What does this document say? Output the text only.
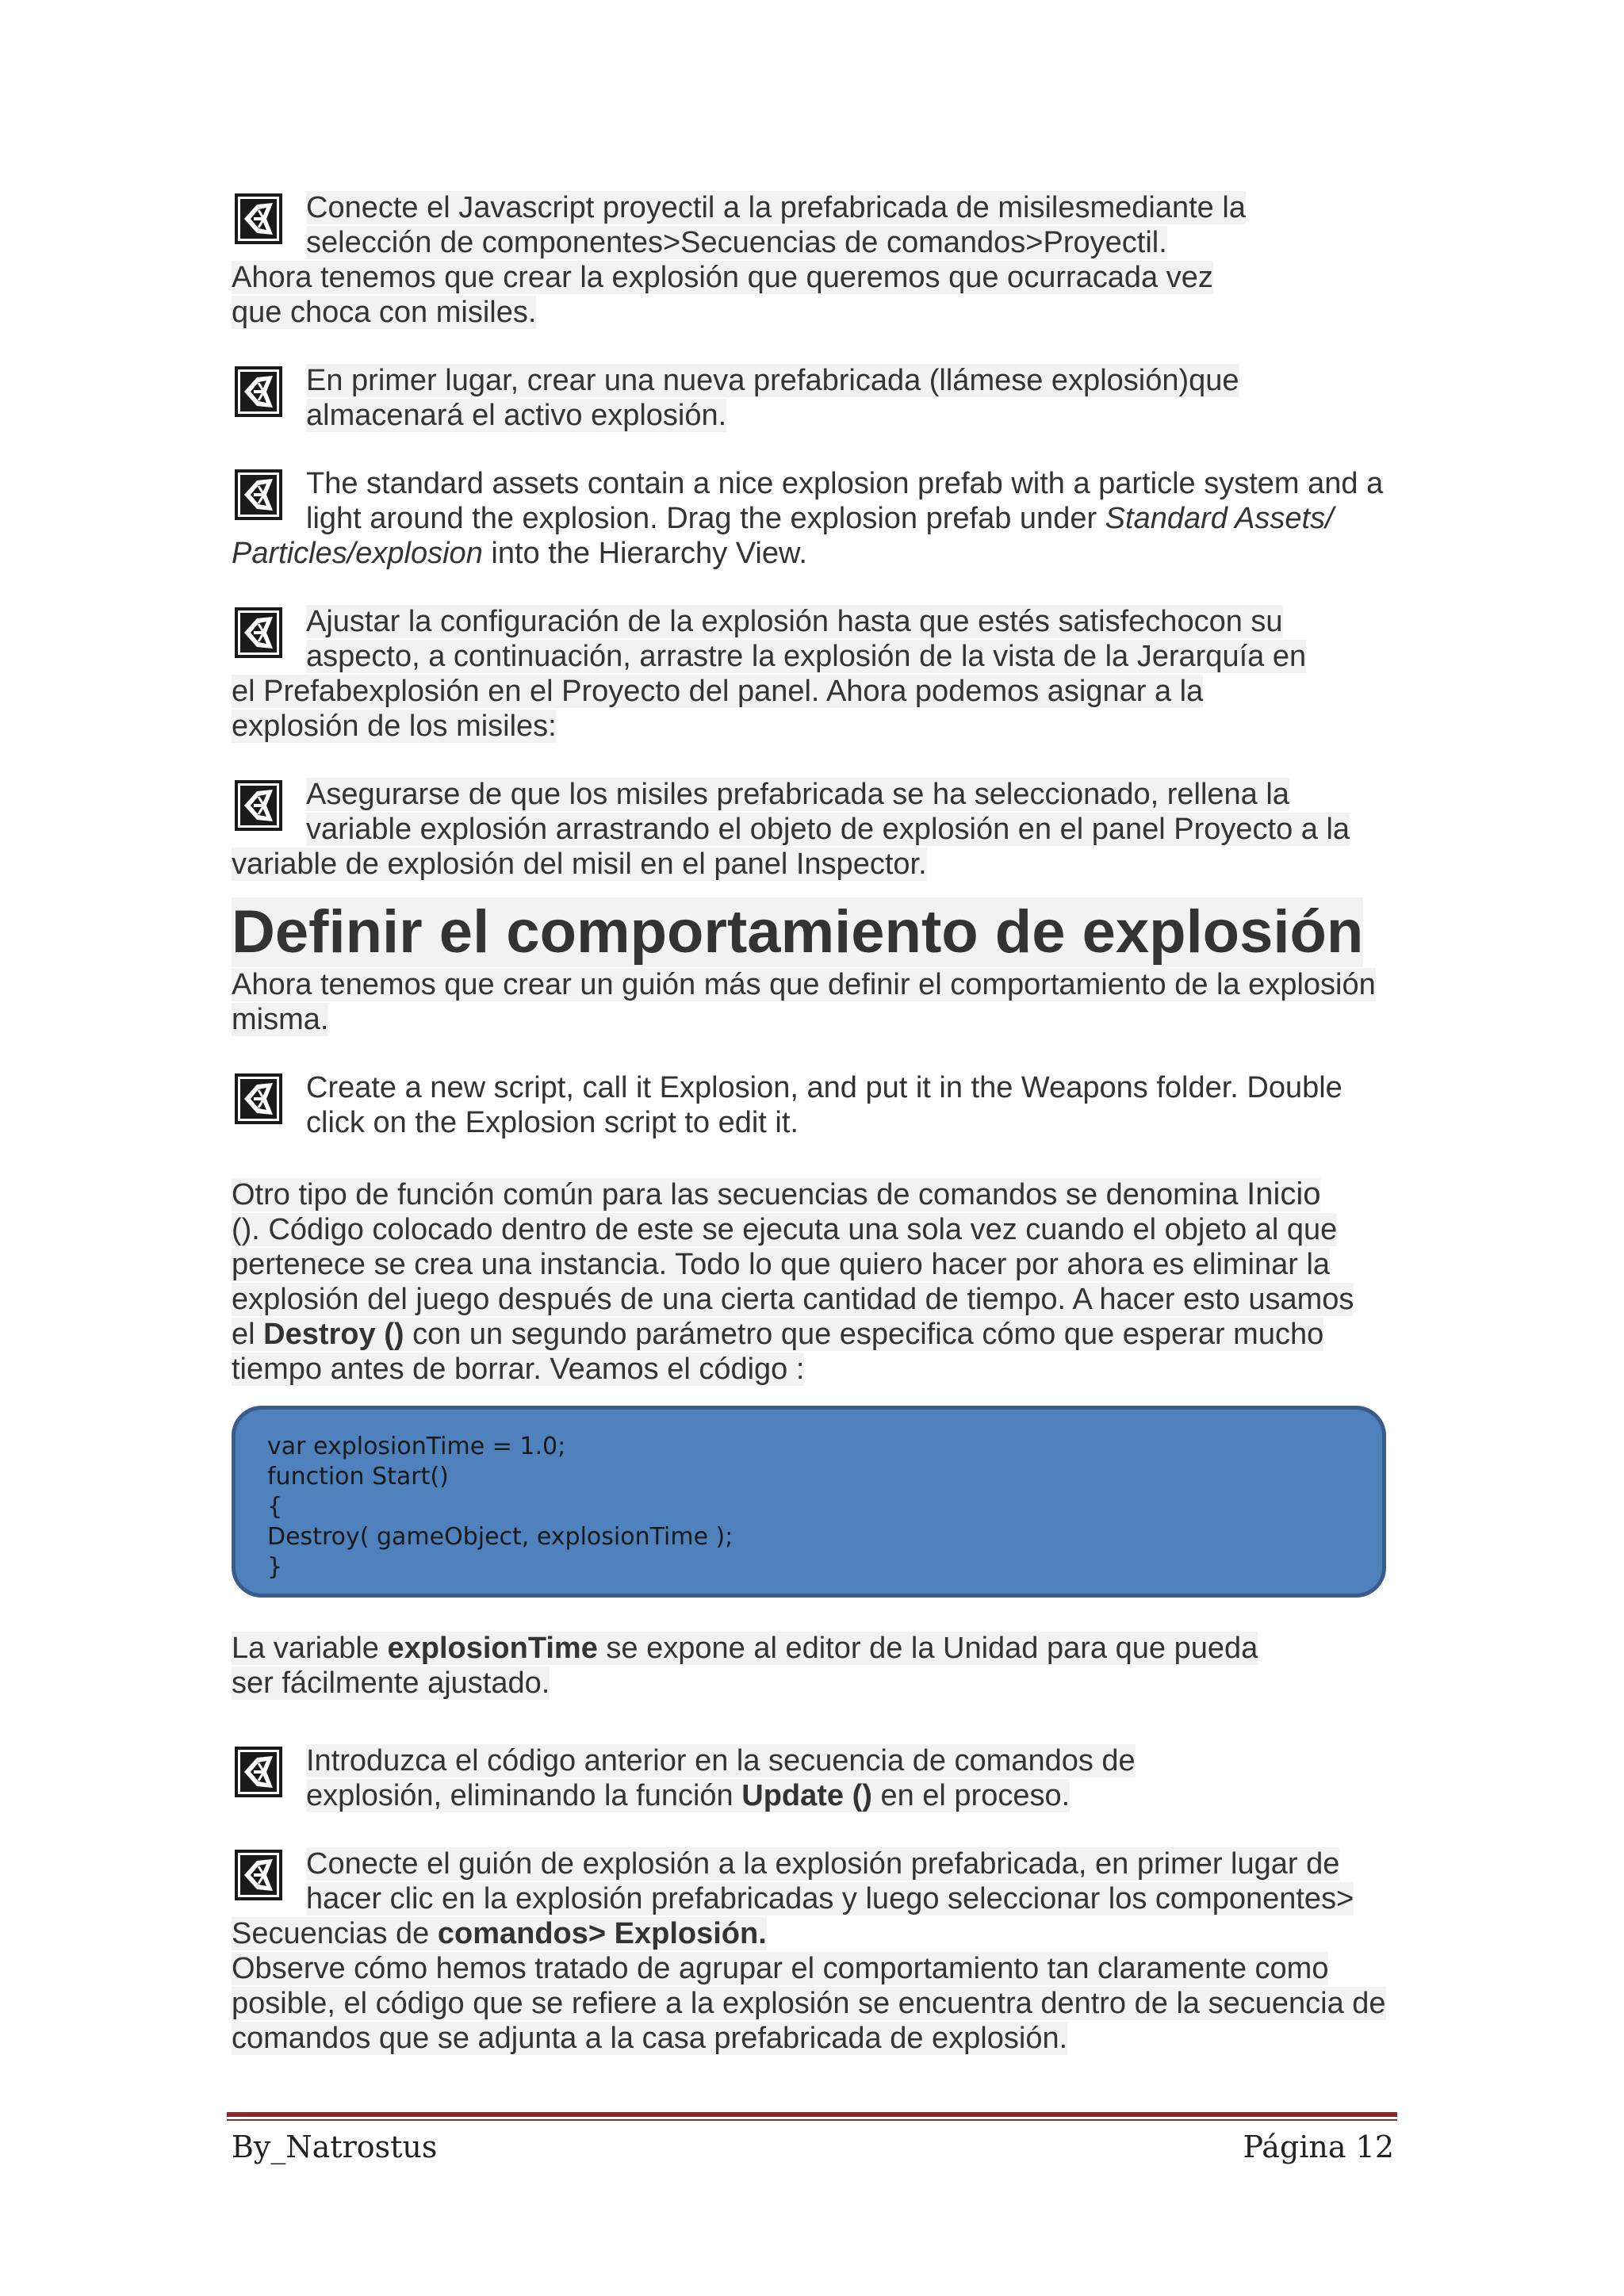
Conecte el Javascript proyectil a la prefabricada de misilesmediante la
selección de componentes>Secuencias de comandos>Proyectil.
Ahora tenemos que crear la explosión que queremos que ocurracada vez
que choca con misiles.
En primer lugar, crear una nueva prefabricada (llámese explosión)que
almacenará el activo explosión.
The standard assets contain a nice explosion prefab with a particle system and a
light around the explosion. Drag the explosion prefab under Standard Assets/
Particles/explosion into the Hierarchy View.
Ajustar la configuración de la explosión hasta que estés satisfechocon su
aspecto, a continuación, arrastre la explosión de la vista de la Jerarquía en
el Prefabexplosión en el Proyecto del panel. Ahora podemos asignar a la
explosión de los misiles:
Asegurarse de que los misiles prefabricada se ha seleccionado, rellena la
variable explosión arrastrando el objeto de explosión en el panel Proyecto a la
variable de explosión del misil en el panel Inspector.
Definir el comportamiento de explosión
Ahora tenemos que crear un guión más que definir el comportamiento de la explosión
misma.
Create a new script, call it Explosion, and put it in the Weapons folder. Double
click on the Explosion script to edit it.
Otro tipo de función común para las secuencias de comandos se denomina Inicio
(). Código colocado dentro de este se ejecuta una sola vez cuando el objeto al que
pertenece se crea una instancia. Todo lo que quiero hacer por ahora es eliminar la
explosión del juego después de una cierta cantidad de tiempo. A hacer esto usamos
el Destroy () con un segundo parámetro que especifica cómo que esperar mucho
tiempo antes de borrar. Veamos el código :
var explosionTime = 1.0;
function Start()
{
Destroy( gameObject, explosionTime );
}
La variable explosionTime se expone al editor de la Unidad para que pueda
ser fácilmente ajustado.
Introduzca el código anterior en la secuencia de comandos de
explosión, eliminando la función Update () en el proceso.
Conecte el guión de explosión a la explosión prefabricada, en primer lugar de
hacer clic en la explosión prefabricadas y luego seleccionar los componentes>
Secuencias de comandos> Explosión.
Observe cómo hemos tratado de agrupar el comportamiento tan claramente como
posible, el código que se refiere a la explosión se encuentra dentro de la secuencia de
comandos que se adjunta a la casa prefabricada de explosión.
By_Natrostus	Página 12
